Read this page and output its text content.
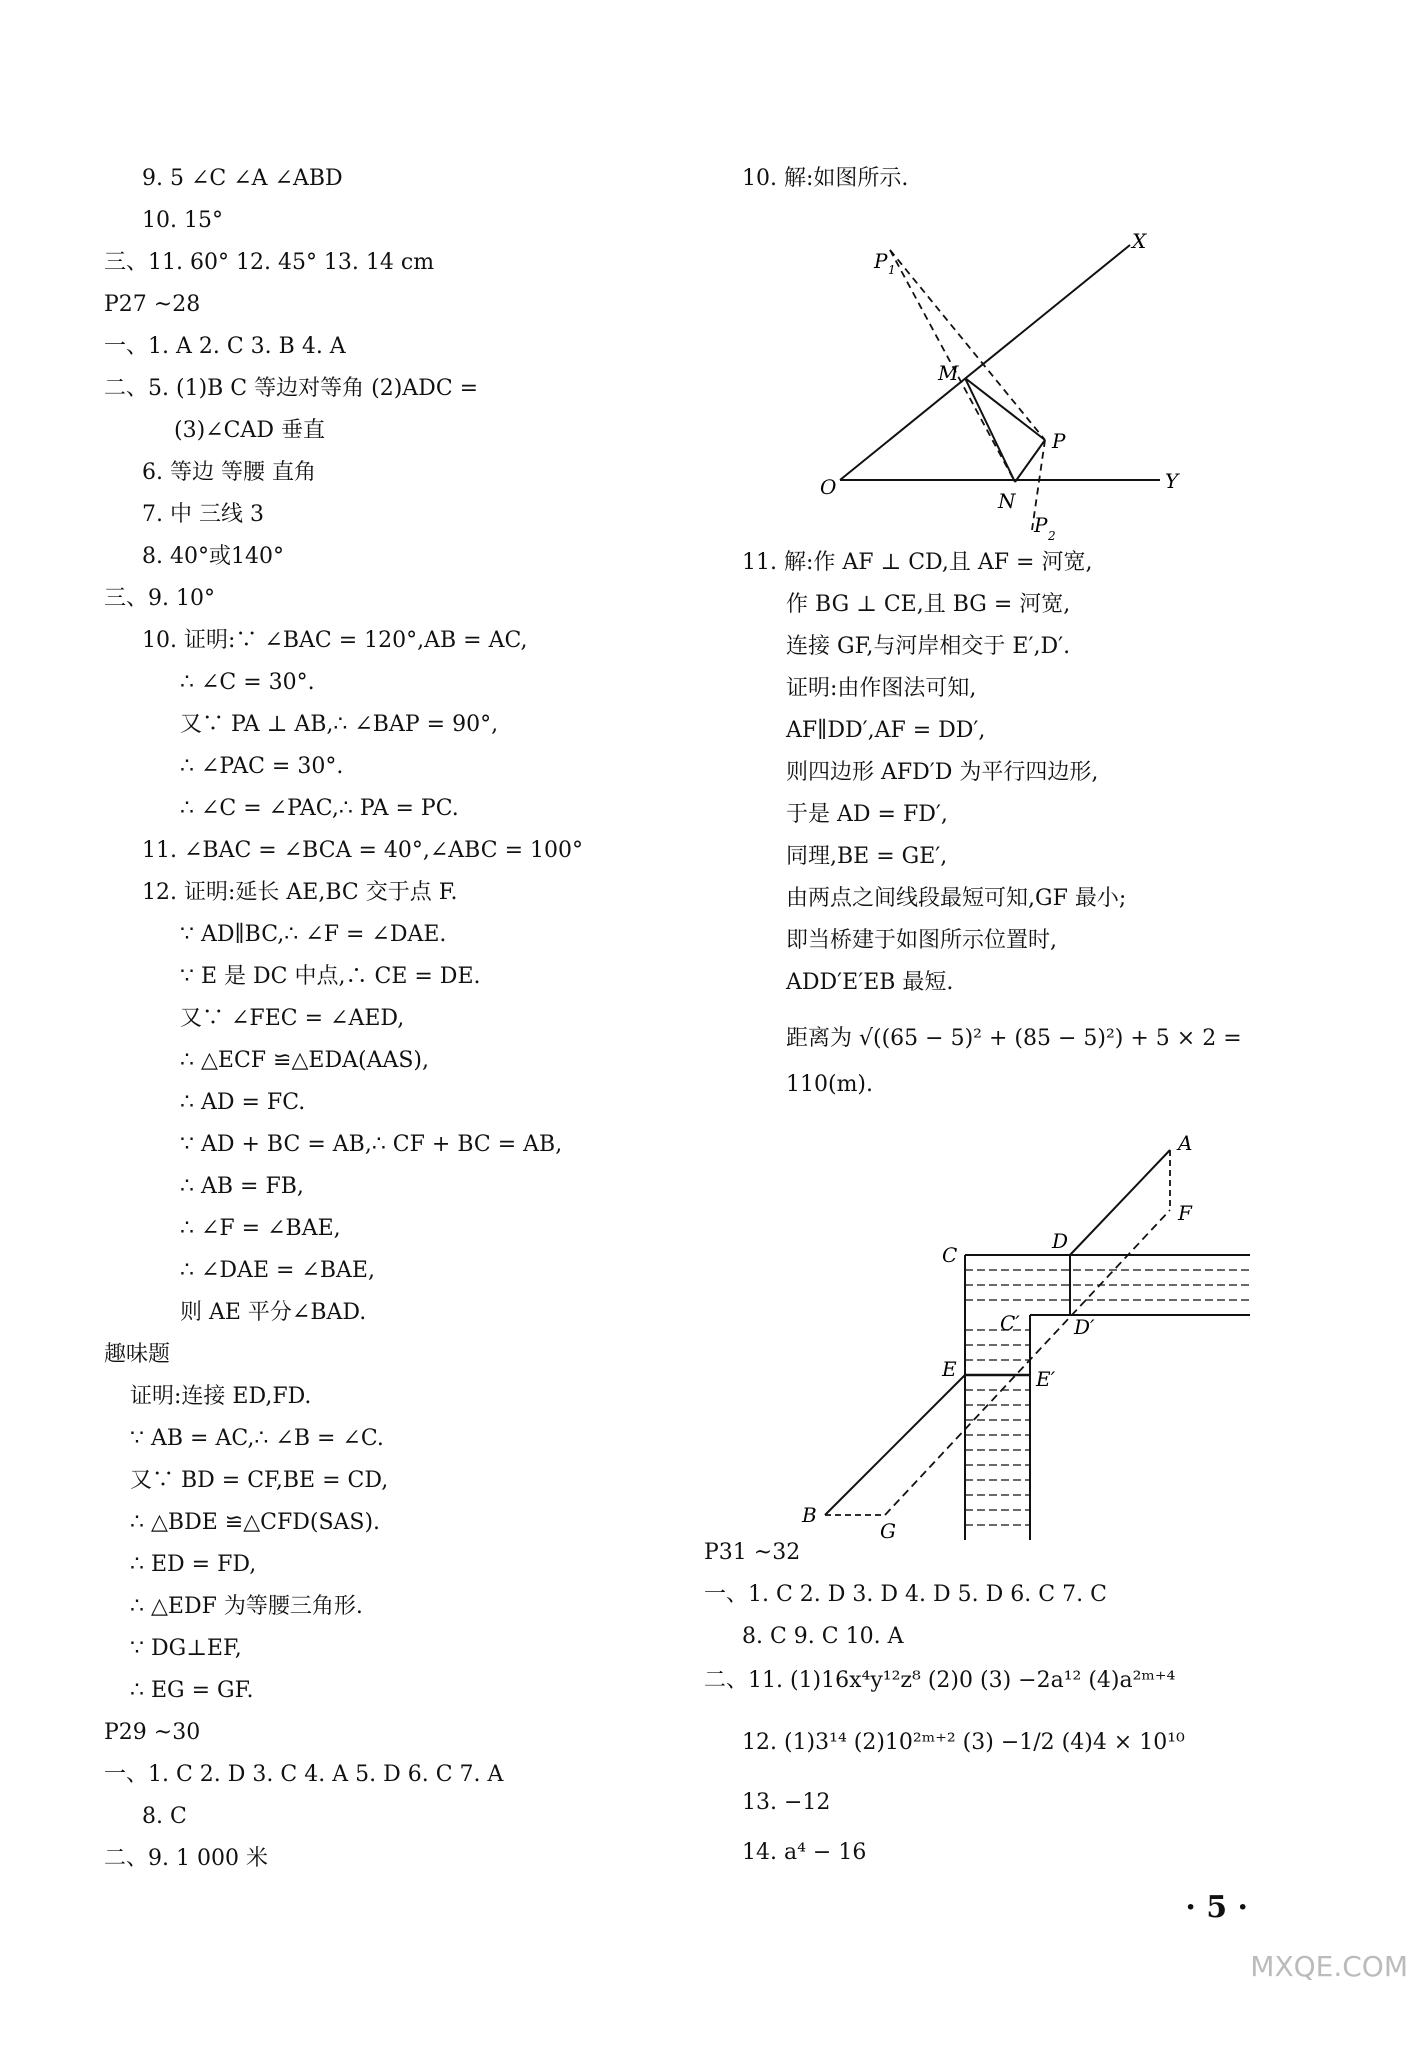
9. 5 ∠C ∠A ∠ABD
10. 15°
三、11. 60° 12. 45° 13. 14 cm
P27 ~28
一、1. A 2. C 3. B 4. A
二、5. (1)B C 等边对等角 (2)ADC =
(3)∠CAD 垂直
6. 等边 等腰 直角
7. 中 三线 3
8. 40°或140°
三、9. 10°
10. 证明:∵ ∠BAC = 120°,AB = AC,
∴ ∠C = 30°.
又∵ PA ⊥ AB,∴ ∠BAP = 90°,
∴ ∠PAC = 30°.
∴ ∠C = ∠PAC,∴ PA = PC.
11. ∠BAC = ∠BCA = 40°,∠ABC = 100°
12. 证明:延长 AE,BC 交于点 F.
∵ AD∥BC,∴ ∠F = ∠DAE.
∵ E 是 DC 中点,∴ CE = DE.
又∵ ∠FEC = ∠AED,
∴ △ECF ≌△EDA(AAS),
∴ AD = FC.
∵ AD + BC = AB,∴ CF + BC = AB,
∴ AB = FB,
∴ ∠F = ∠BAE,
∴ ∠DAE = ∠BAE,
则 AE 平分∠BAD.
趣味题
证明:连接 ED,FD.
∵ AB = AC,∴ ∠B = ∠C.
又∵ BD = CF,BE = CD,
∴ △BDE ≌△CFD(SAS).
∴ ED = FD,
∴ △EDF 为等腰三角形.
∵ DG⊥EF,
∴ EG = GF.
P29 ~30
一、1. C 2. D 3. C 4. A 5. D 6. C 7. A
8. C
二、9. 1 000 米
10. 解:如图所示.
11. 解:作 AF ⊥ CD,且 AF = 河宽,
作 BG ⊥ CE,且 BG = 河宽,
连接 GF,与河岸相交于 E′,D′.
证明:由作图法可知,
AF∥DD′,AF = DD′,
则四边形 AFD′D 为平行四边形,
于是 AD = FD′,
同理,BE = GE′,
由两点之间线段最短可知,GF 最小;
即当桥建于如图所示位置时,
ADD′E′EB 最短.
距离为 √((65 − 5)² + (85 − 5)²) + 5 × 2 =
110(m).
P31 ~32
一、1. C 2. D 3. D 4. D 5. D 6. C 7. C
8. C 9. C 10. A
二、11. (1)16x⁴y¹²z⁸ (2)0 (3) −2a¹² (4)a²ᵐ⁺⁴
12. (1)3¹⁴ (2)10²ᵐ⁺² (3) −1/2 (4)4 × 10¹⁰
13. −12
14. a⁴ − 16
P 1
X
M
P
O
N
Y
P 2
A
F
C
D
C′	D′
E	E′
B
G
· 5 ·
MXQE.COM
